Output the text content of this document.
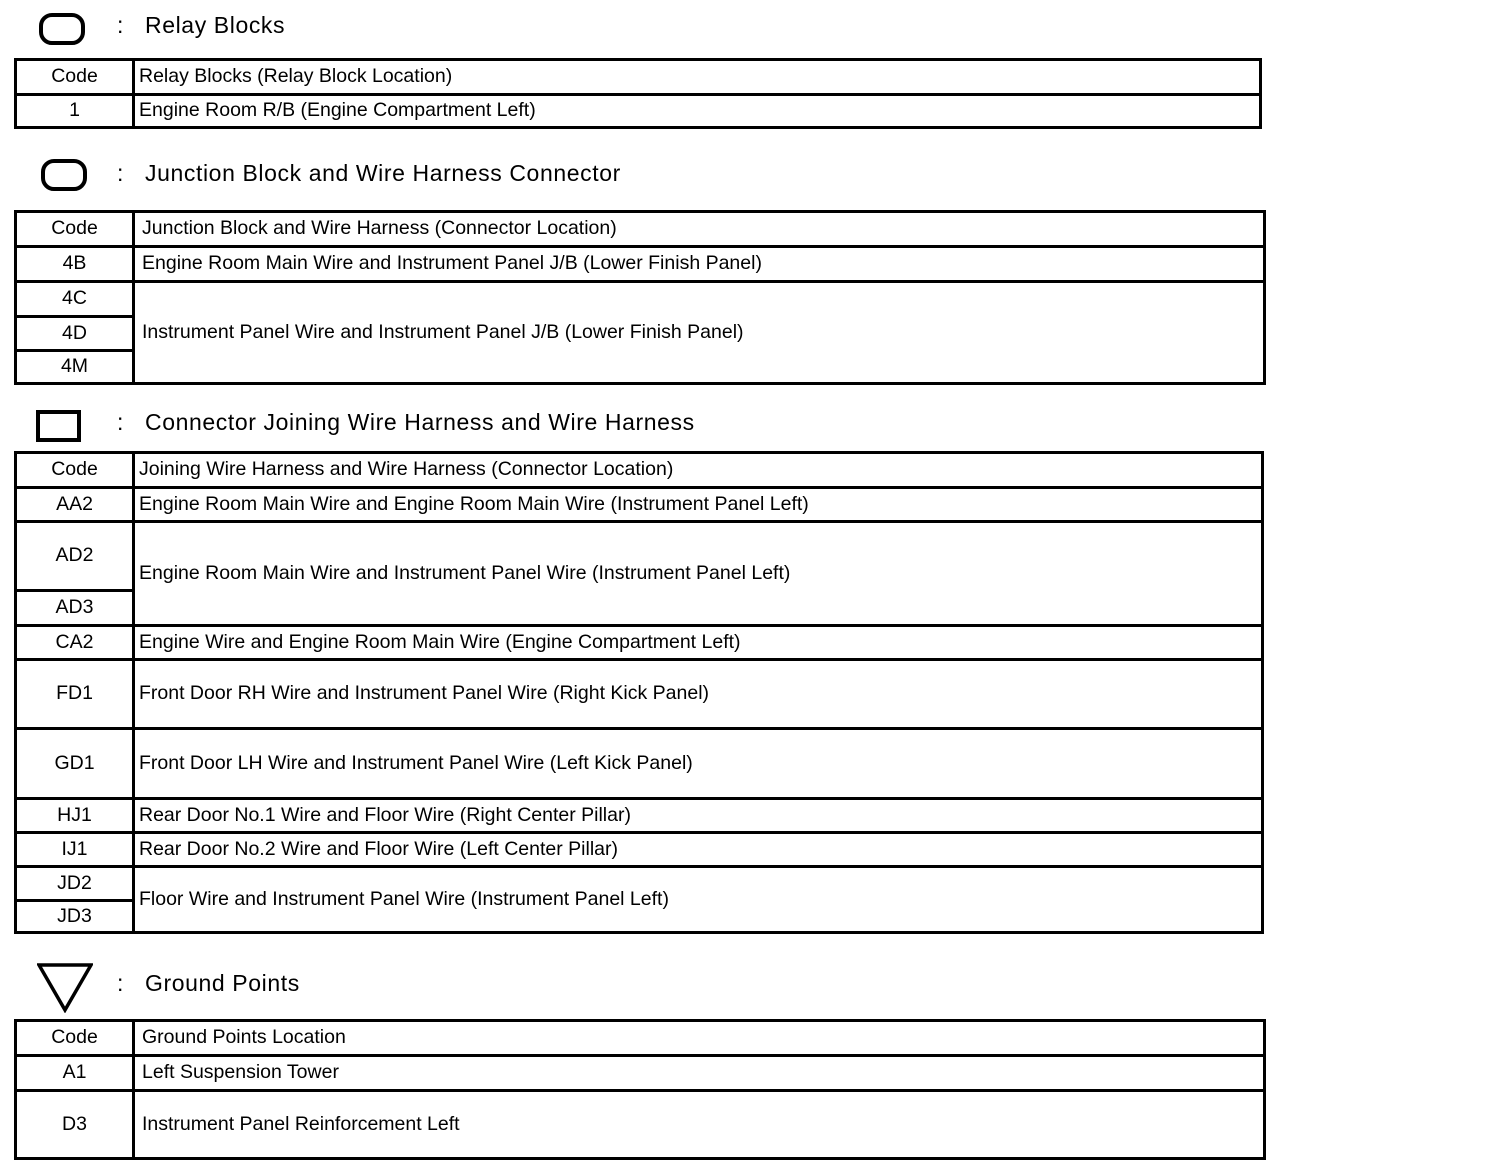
: Relay Blocks
Code	Relay Blocks (Relay Block Location)
1	Engine Room R/B (Engine Compartment Left)
: Junction Block and Wire Harness Connector
Code	Junction Block and Wire Harness (Connector Location)
4B	Engine Room Main Wire and Instrument Panel J/B (Lower Finish Panel)
4C	Instrument Panel Wire and Instrument Panel J/B (Lower Finish Panel)
4D	
4M	
: Connector Joining Wire Harness and Wire Harness
Code	Joining Wire Harness and Wire Harness (Connector Location)
AA2	Engine Room Main Wire and Engine Room Main Wire (Instrument Panel Left)
AD2	Engine Room Main Wire and Instrument Panel Wire (Instrument Panel Left)
AD3	
CA2	Engine Wire and Engine Room Main Wire (Engine Compartment Left)
FD1	Front Door RH Wire and Instrument Panel Wire (Right Kick Panel)
GD1	Front Door LH Wire and Instrument Panel Wire (Left Kick Panel)
HJ1	Rear Door No.1 Wire and Floor Wire (Right Center Pillar)
IJ1	Rear Door No.2 Wire and Floor Wire (Left Center Pillar)
JD2	Floor Wire and Instrument Panel Wire (Instrument Panel Left)
JD3	
: Ground Points
Code	Ground Points Location
A1	Left Suspension Tower
D3	Instrument Panel Reinforcement Left
